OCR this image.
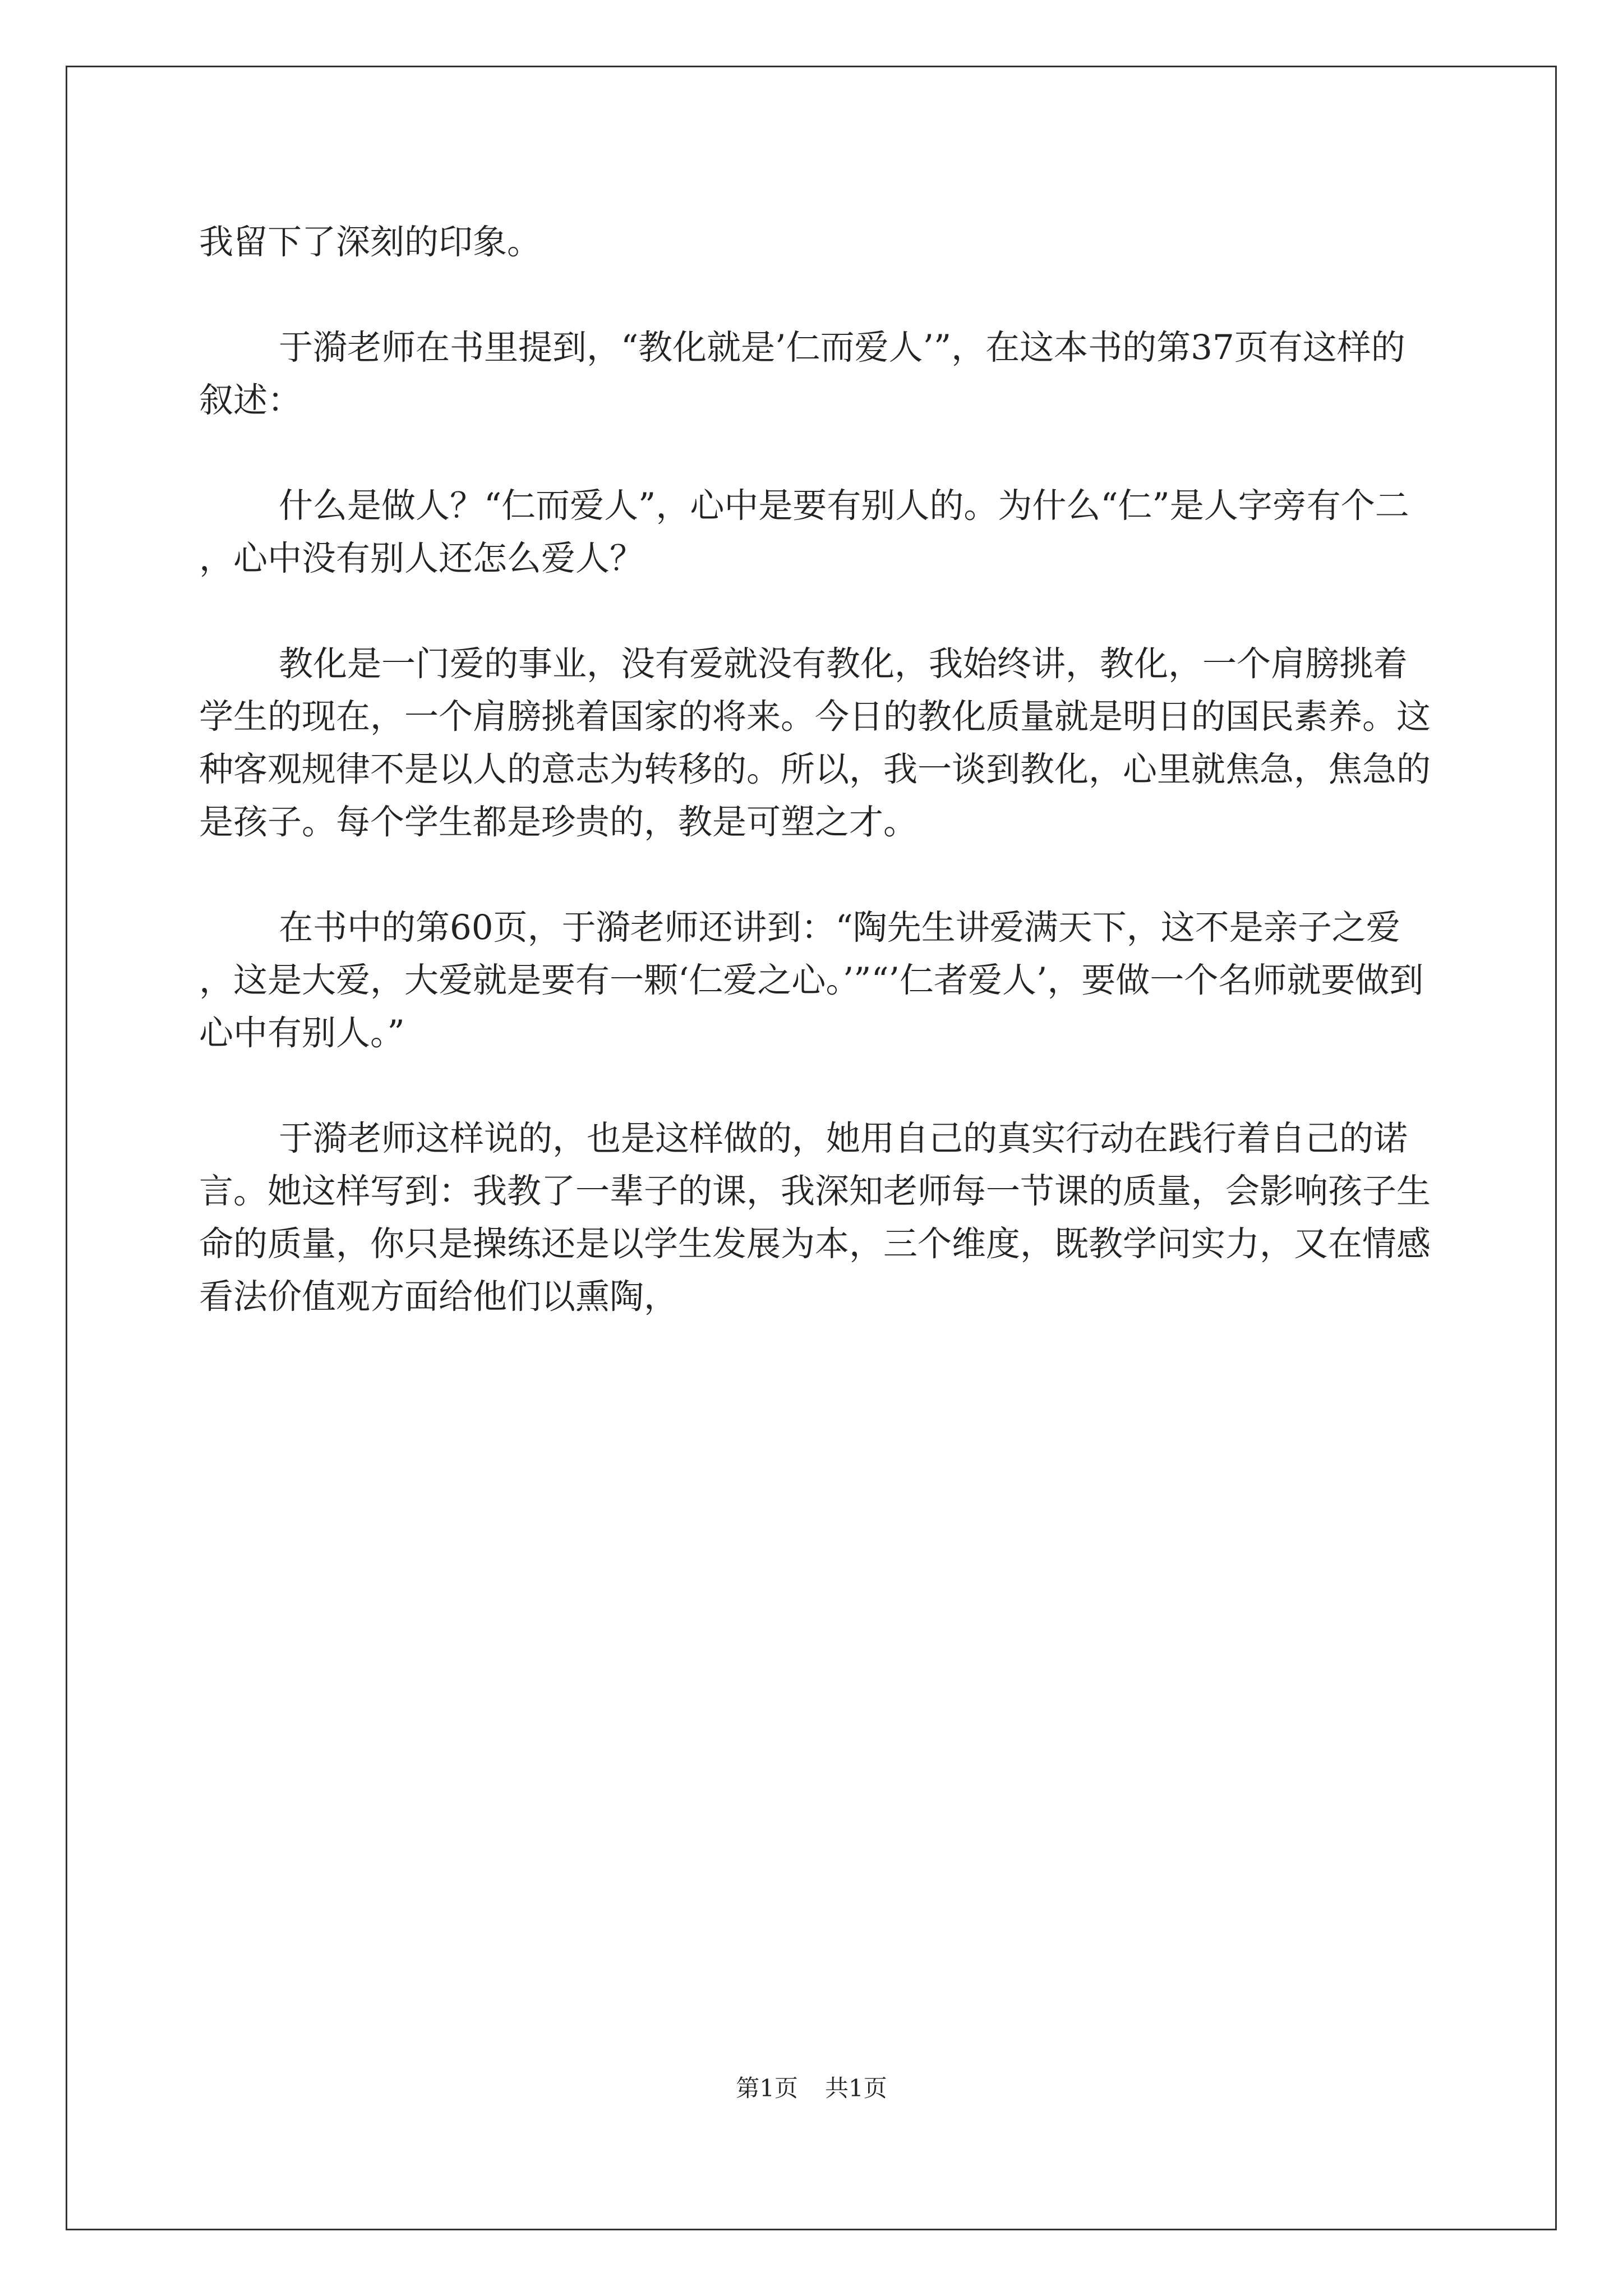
我留下了深刻的印象。

于漪老师在书里提到，“教化就是’仁而爱人’”，在这本书的第37页有这样的叙述：

什么是做人？“仁而爱人”，心中是要有别人的。为什么“仁”是人字旁有个二，心中没有别人还怎么爱人？

教化是一门爱的事业，没有爱就没有教化，我始终讲，教化，一个肩膀挑着学生的现在，一个肩膀挑着国家的将来。今日的教化质量就是明日的国民素养。这种客观规律不是以人的意志为转移的。所以，我一谈到教化，心里就焦急，焦急的是孩子。每个学生都是珍贵的，教是可塑之才。

在书中的第60页，于漪老师还讲到：“陶先生讲爱满天下，这不是亲子之爱，这是大爱，大爱就是要有一颗‘仁爱之心。’”“’仁者爱人’，要做一个名师就要做到心中有别人。”

于漪老师这样说的，也是这样做的，她用自己的真实行动在践行着自己的诺言。她这样写到：我教了一辈子的课，我深知老师每一节课的质量，会影响孩子生命的质量，你只是操练还是以学生发展为本，三个维度，既教学问实力，又在情感看法价值观方面给他们以熏陶，

第1页 共1页
